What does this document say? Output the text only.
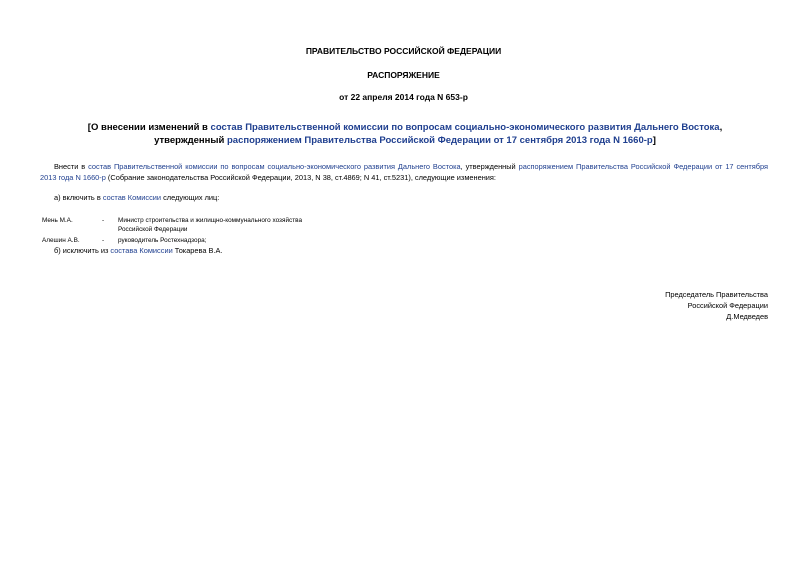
ПРАВИТЕЛЬСТВО РОССИЙСКОЙ ФЕДЕРАЦИИ
РАСПОРЯЖЕНИЕ
от 22 апреля 2014 года N 653-р
[О внесении изменений в состав Правительственной комиссии по вопросам социально-экономического развития Дальнего Востока, утвержденный распоряжением Правительства Российской Федерации от 17 сентября 2013 года N 1660-р]
Внести в состав Правительственной комиссии по вопросам социально-экономического развития Дальнего Востока, утвержденный распоряжением Правительства Российской Федерации от 17 сентября 2013 года N 1660-р (Собрание законодательства Российской Федерации, 2013, N 38, ст.4869; N 41, ст.5231), следующие изменения:
а) включить в состав Комиссии следующих лиц:
Мень М.А.	- Министр строительства и жилищно-коммунального хозяйства
Российской Федерации
Алешин А.В.	- руководитель Ростехнадзора;
б) исключить из состава Комиссии Токарева В.А.
Председатель Правительства
Российской Федерации
Д.Медведев
